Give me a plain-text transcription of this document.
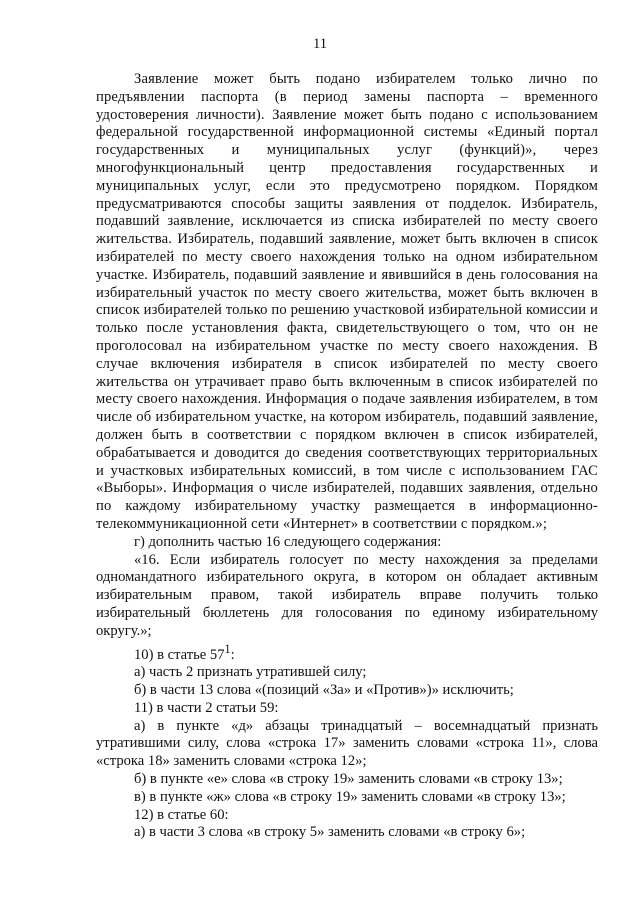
11

Заявление может быть подано избирателем только лично по предъявлении паспорта (в период замены паспорта – временного удостоверения личности). Заявление может быть подано с использованием федеральной государственной информационной системы «Единый портал государственных и муниципальных услуг (функций)», через многофункциональный центр предоставления государственных и муниципальных услуг, если это предусмотрено порядком. Порядком предусматриваются способы защиты заявления от подделок. Избиратель, подавший заявление, исключается из списка избирателей по месту своего жительства. Избиратель, подавший заявление, может быть включен в список избирателей по месту своего нахождения только на одном избирательном участке. Избиратель, подавший заявление и явившийся в день голосования на избирательный участок по месту своего жительства, может быть включен в список избирателей только по решению участковой избирательной комиссии и только после установления факта, свидетельствующего о том, что он не проголосовал на избирательном участке по месту своего нахождения. В случае включения избирателя в список избирателей по месту своего жительства он утрачивает право быть включенным в список избирателей по месту своего нахождения. Информация о подаче заявления избирателем, в том числе об избирательном участке, на котором избиратель, подавший заявление, должен быть в соответствии с порядком включен в список избирателей, обрабатывается и доводится до сведения соответствующих территориальных и участковых избирательных комиссий, в том числе с использованием ГАС «Выборы». Информация о числе избирателей, подавших заявления, отдельно по каждому избирательному участку размещается в информационно-телекоммуникационной сети «Интернет» в соответствии с порядком.»;

г) дополнить частью 16 следующего содержания:

«16. Если избиратель голосует по месту нахождения за пределами одномандатного избирательного округа, в котором он обладает активным избирательным правом, такой избиратель вправе получить только избирательный бюллетень для голосования по единому избирательному округу.»;

10) в статье $57^1$:

а) часть 2 признать утратившей силу;

б) в части 13 слова «(позиций «За» и «Против»)» исключить;

11) в части 2 статьи 59:

а) в пункте «д» абзацы тринадцатый – восемнадцатый признать утратившими силу, слова «строка 17» заменить словами «строка 11», слова «строка 18» заменить словами «строка 12»;

б) в пункте «е» слова «в строку 19» заменить словами «в строку 13»;

в) в пункте «ж» слова «в строку 19» заменить словами «в строку 13»;

12) в статье 60:

а) в части 3 слова «в строку 5» заменить словами «в строку 6»;
